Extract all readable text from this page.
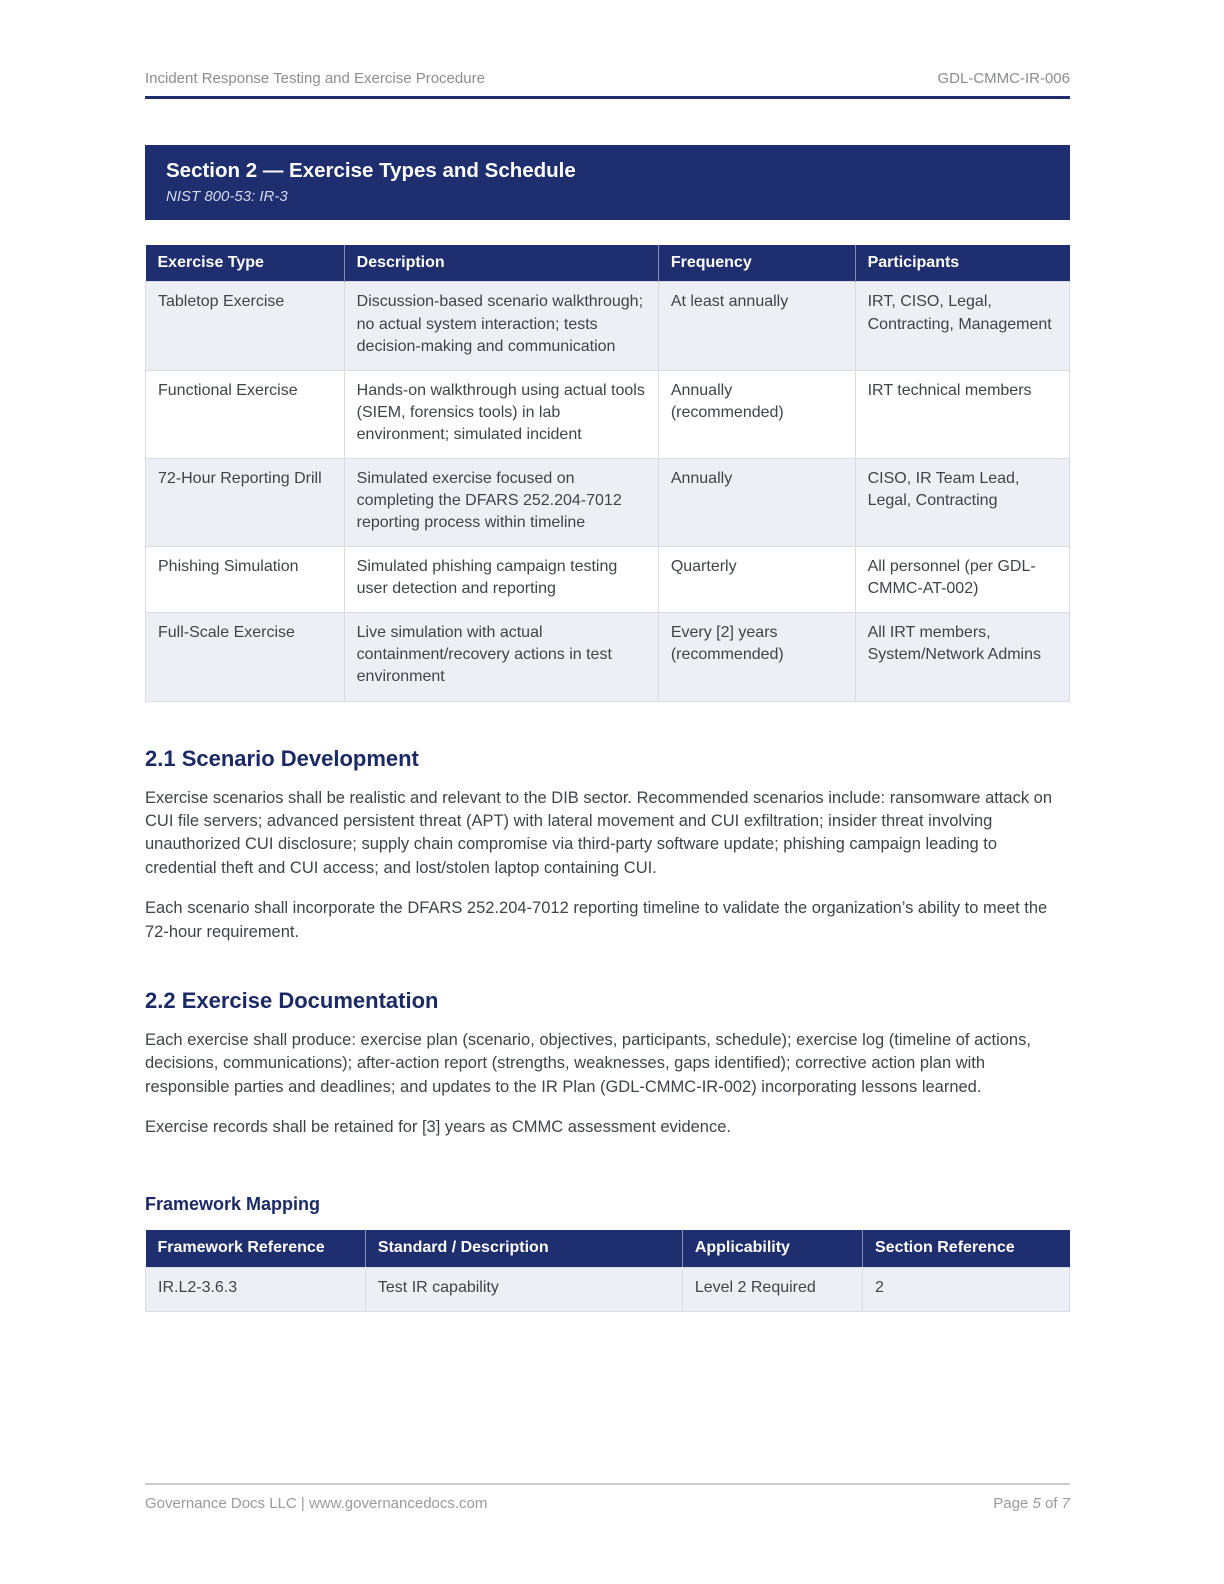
Incident Response Testing and Exercise Procedure	GDL-CMMC-IR-006
Section 2 — Exercise Types and Schedule
NIST 800-53: IR-3
Exercise Type	Description	Frequency	Participants
Tabletop Exercise	Discussion-based scenario walkthrough; no actual system interaction; tests decision-making and communication	At least annually	IRT, CISO, Legal, Contracting, Management
Functional Exercise	Hands-on walkthrough using actual tools (SIEM, forensics tools) in lab environment; simulated incident	Annually (recommended)	IRT technical members
72-Hour Reporting Drill	Simulated exercise focused on completing the DFARS 252.204-7012 reporting process within timeline	Annually	CISO, IR Team Lead, Legal, Contracting
Phishing Simulation	Simulated phishing campaign testing user detection and reporting	Quarterly	All personnel (per GDL-CMMC-AT-002)
Full-Scale Exercise	Live simulation with actual containment/recovery actions in test environment	Every [2] years (recommended)	All IRT members, System/Network Admins
2.1 Scenario Development

Exercise scenarios shall be realistic and relevant to the DIB sector. Recommended scenarios include: ransomware attack on CUI file servers; advanced persistent threat (APT) with lateral movement and CUI exfiltration; insider threat involving unauthorized CUI disclosure; supply chain compromise via third-party software update; phishing campaign leading to credential theft and CUI access; and lost/stolen laptop containing CUI.

Each scenario shall incorporate the DFARS 252.204-7012 reporting timeline to validate the organization’s ability to meet the 72-hour requirement.

2.2 Exercise Documentation

Each exercise shall produce: exercise plan (scenario, objectives, participants, schedule); exercise log (timeline of actions, decisions, communications); after-action report (strengths, weaknesses, gaps identified); corrective action plan with responsible parties and deadlines; and updates to the IR Plan (GDL-CMMC-IR-002) incorporating lessons learned.

Exercise records shall be retained for [3] years as CMMC assessment evidence.

Framework Mapping
Framework Reference	Standard / Description	Applicability	Section Reference
IR.L2-3.6.3	Test IR capability	Level 2 Required	2
Governance Docs LLC | www.governancedocs.com	Page 5 of 7
